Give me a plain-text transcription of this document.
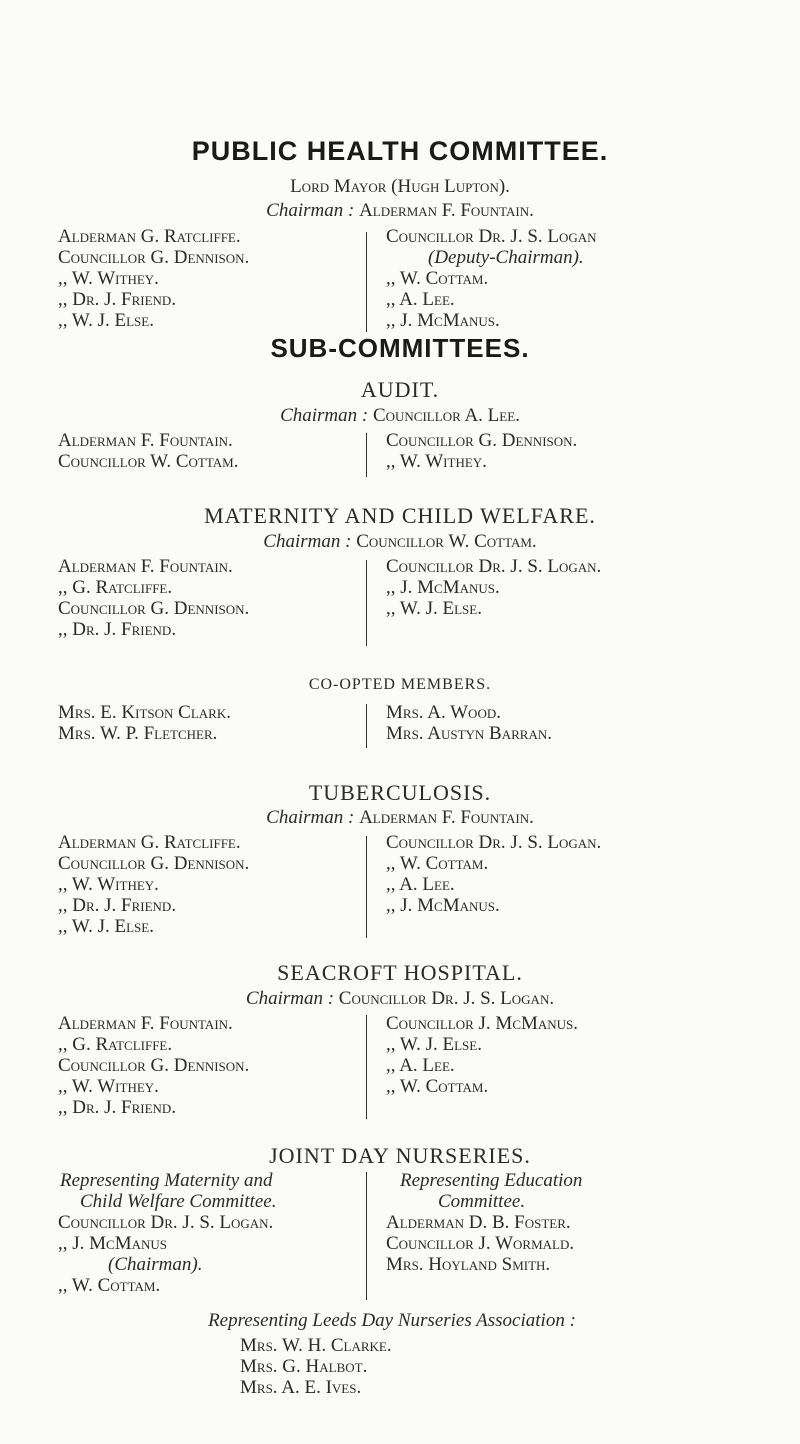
PUBLIC HEALTH COMMITTEE.
Lord Mayor (Hugh Lupton).
Chairman : Alderman F. Fountain.
Alderman G. Ratcliffe.
Councillor G. Dennison.
,, W. Withey.
,, Dr. J. Friend.
,, W. J. Else.
Councillor Dr. J. S. Logan
(Deputy-Chairman).
,, W. Cottam.
,, A. Lee.
,, J. McManus.
SUB-COMMITTEES.
AUDIT.
Chairman : Councillor A. Lee.
Alderman F. Fountain.
Councillor W. Cottam.
Councillor G. Dennison.
,, W. Withey.
MATERNITY AND CHILD WELFARE.
Chairman : Councillor W. Cottam.
Alderman F. Fountain.
,, G. Ratcliffe.
Councillor G. Dennison.
,, Dr. J. Friend.
Councillor Dr. J. S. Logan.
,, J. McManus.
,, W. J. Else.
CO-OPTED MEMBERS.
Mrs. E. Kitson Clark.
Mrs. W. P. Fletcher.
Mrs. A. Wood.
Mrs. Austyn Barran.
TUBERCULOSIS.
Chairman : Alderman F. Fountain.
Alderman G. Ratcliffe.
Councillor G. Dennison.
,, W. Withey.
,, Dr. J. Friend.
,, W. J. Else.
Councillor Dr. J. S. Logan.
,, W. Cottam.
,, A. Lee.
,, J. McManus.
SEACROFT HOSPITAL.
Chairman : Councillor Dr. J. S. Logan.
Alderman F. Fountain.
,, G. Ratcliffe.
Councillor G. Dennison.
,, W. Withey.
,, Dr. J. Friend.
Councillor J. McManus.
,, W. J. Else.
,, A. Lee.
,, W. Cottam.
JOINT DAY NURSERIES.
Representing Maternity and
Child Welfare Committee.
Councillor Dr. J. S. Logan.
,, J. McManus
(Chairman).
,, W. Cottam.
Representing Education
Committee.
Alderman D. B. Foster.
Councillor J. Wormald.
Mrs. Hoyland Smith.
Representing Leeds Day Nurseries Association :
Mrs. W. H. Clarke.
Mrs. G. Halbot.
Mrs. A. E. Ives.
